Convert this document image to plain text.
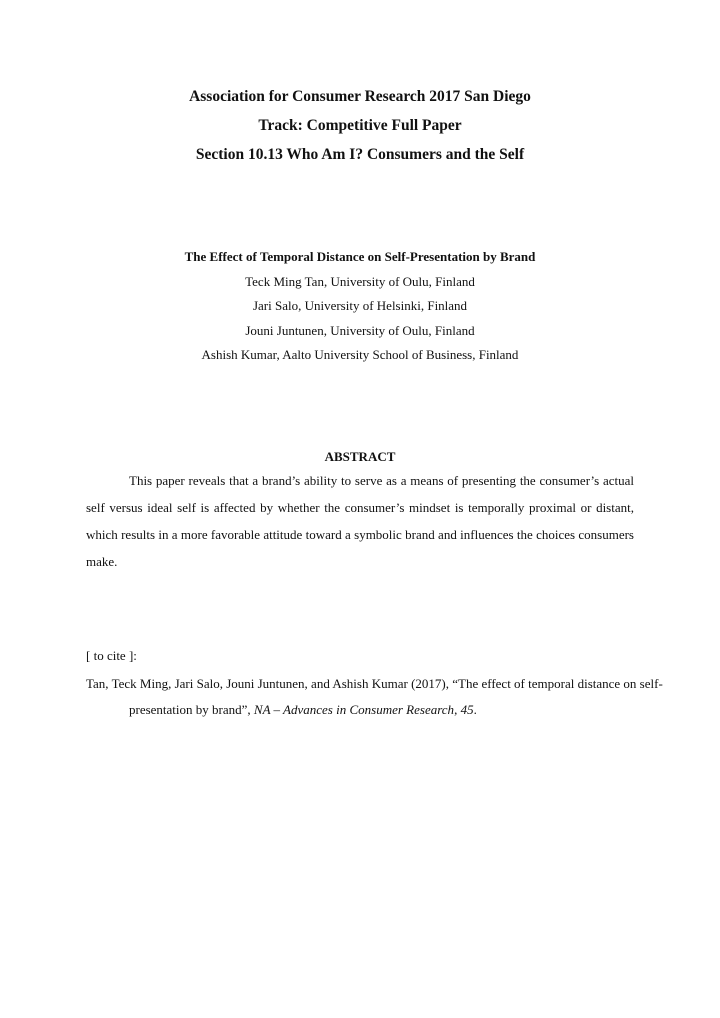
Association for Consumer Research 2017 San Diego
Track: Competitive Full Paper
Section 10.13 Who Am I? Consumers and the Self
The Effect of Temporal Distance on Self-Presentation by Brand
Teck Ming Tan, University of Oulu, Finland
Jari Salo, University of Helsinki, Finland
Jouni Juntunen, University of Oulu, Finland
Ashish Kumar, Aalto University School of Business, Finland
ABSTRACT

This paper reveals that a brand’s ability to serve as a means of presenting the consumer’s actual self versus ideal self is affected by whether the consumer’s mindset is temporally proximal or distant, which results in a more favorable attitude toward a symbolic brand and influences the choices consumers make.

[ to cite ]:

Tan, Teck Ming, Jari Salo, Jouni Juntunen, and Ashish Kumar (2017), “The effect of temporal distance on self-presentation by brand”, NA – Advances in Consumer Research, 45.
